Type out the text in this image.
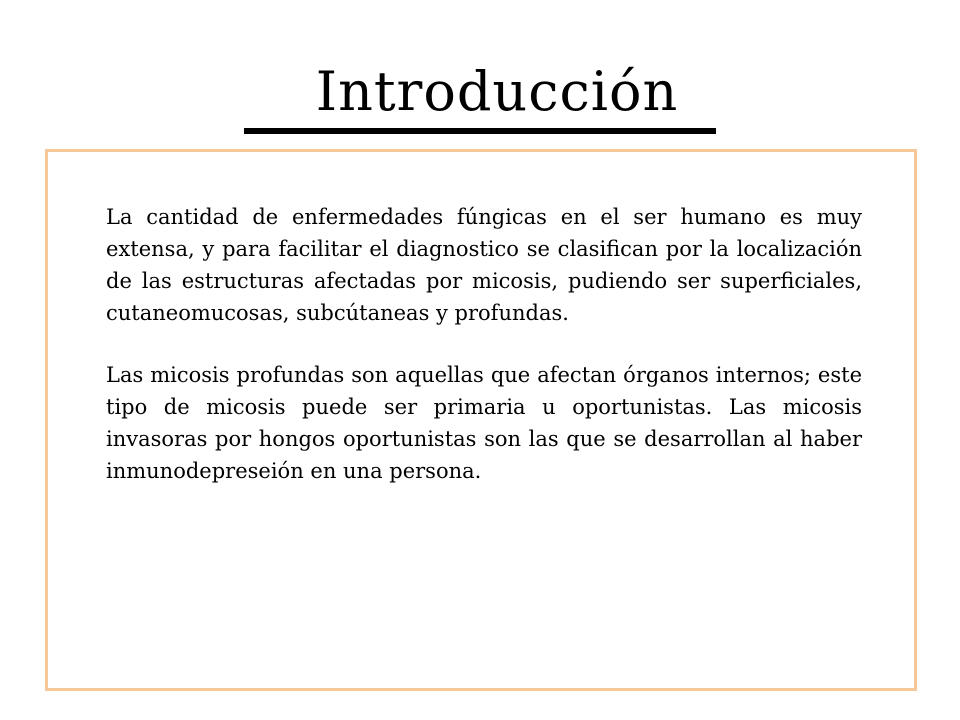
Introducción

La cantidad de enfermedades fúngicas en el ser humano es muy extensa, y para facilitar el diagnostico se clasifican por la localización de las estructuras afectadas por micosis, pudiendo ser superficiales, cutaneomucosas, subcútaneas y profundas.

Las micosis profundas son aquellas que afectan órganos internos; este tipo de micosis puede ser primaria u oportunistas. Las micosis invasoras por hongos oportunistas son las que se desarrollan al haber inmunodepreseión en una persona.
